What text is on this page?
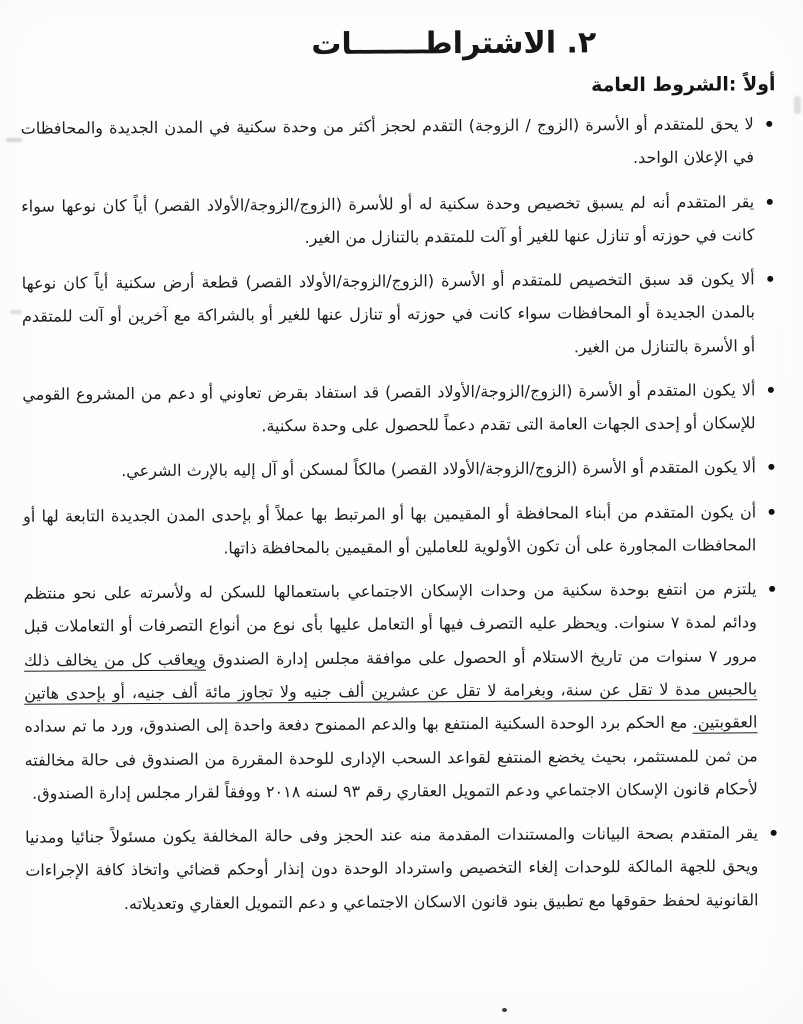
٢. الاشتراطـــــــات
أولاً :الشروط العامة
•
لا يحق للمتقدم أو الأسرة (الزوج / الزوجة) التقدم لحجز أكثر من وحدة سكنية في المدن الجديدة والمحافظات في الإعلان الواحد.
•
يقر المتقدم أنه لم يسبق تخصيص وحدة سكنية له أو للأسرة (الزوج/الزوجة/الأولاد القصر) أياً كان نوعها سواء كانت في حوزته أو تنازل عنها للغير أو آلت للمتقدم بالتنازل من الغير.
•
ألا يكون قد سبق التخصيص للمتقدم أو الأسرة (الزوج/الزوجة/الأولاد القصر) قطعة أرض سكنية أياً كان نوعها بالمدن الجديدة أو المحافظات سواء كانت في حوزته أو تنازل عنها للغير أو بالشراكة مع آخرين أو آلت للمتقدم أو الأسرة بالتنازل من الغير.
•
ألا يكون المتقدم أو الأسرة (الزوج/الزوجة/الأولاد القصر) قد استفاد بقرض تعاوني أو دعم من المشروع القومي للإسكان أو إحدى الجهات العامة التى تقدم دعماً للحصول على وحدة سكنية.
•
ألا يكون المتقدم أو الأسرة (الزوج/الزوجة/الأولاد القصر) مالكاً لمسكن أو آل إليه بالإرث الشرعي.
•
أن يكون المتقدم من أبناء المحافظة أو المقيمين بها أو المرتبط بها عملاً أو بإحدى المدن الجديدة التابعة لها أو المحافظات المجاورة على أن تكون الأولوية للعاملين أو المقيمين بالمحافظة ذاتها.
•
يلتزم من انتفع بوحدة سكنية من وحدات الإسكان الاجتماعي باستعمالها للسكن له ولأسرته على نحو منتظم ودائم لمدة ٧ سنوات. ويحظر عليه التصرف فيها أو التعامل عليها بأى نوع من أنواع التصرفات أو التعاملات قبل مرور ٧ سنوات من تاريخ الاستلام أو الحصول على موافقة مجلس إدارة الصندوق ويعاقب كل من يخالف ذلك بالحبس مدة لا تقل عن سنة، وبغرامة لا تقل عن عشرين ألف جنيه ولا تجاوز مائة ألف جنيه، أو بإحدى هاتين العقوبتين. مع الحكم برد الوحدة السكنية المنتفع بها والدعم الممنوح دفعة واحدة إلى الصندوق، ورد ما تم سداده من ثمن للمستثمر، بحيث يخضع المنتفع لقواعد السحب الإدارى للوحدة المقررة من الصندوق فى حالة مخالفته لأحكام قانون الإسكان الاجتماعي ودعم التمويل العقاري رقم ٩٣ لسنه ٢٠١٨ ووفقاً لقرار مجلس إدارة الصندوق.
•
يقر المتقدم بصحة البيانات والمستندات المقدمة منه عند الحجز وفى حالة المخالفة يكون مسئولاً جنائيا ومدنيا ويحق للجهة المالكة للوحدات إلغاء التخصيص واسترداد الوحدة دون إنذار أوحكم قضائي واتخاذ كافة الإجراءات القانونية لحفظ حقوقها مع تطبيق بنود قانون الاسكان الاجتماعي و دعم التمويل العقاري وتعديلاته.
